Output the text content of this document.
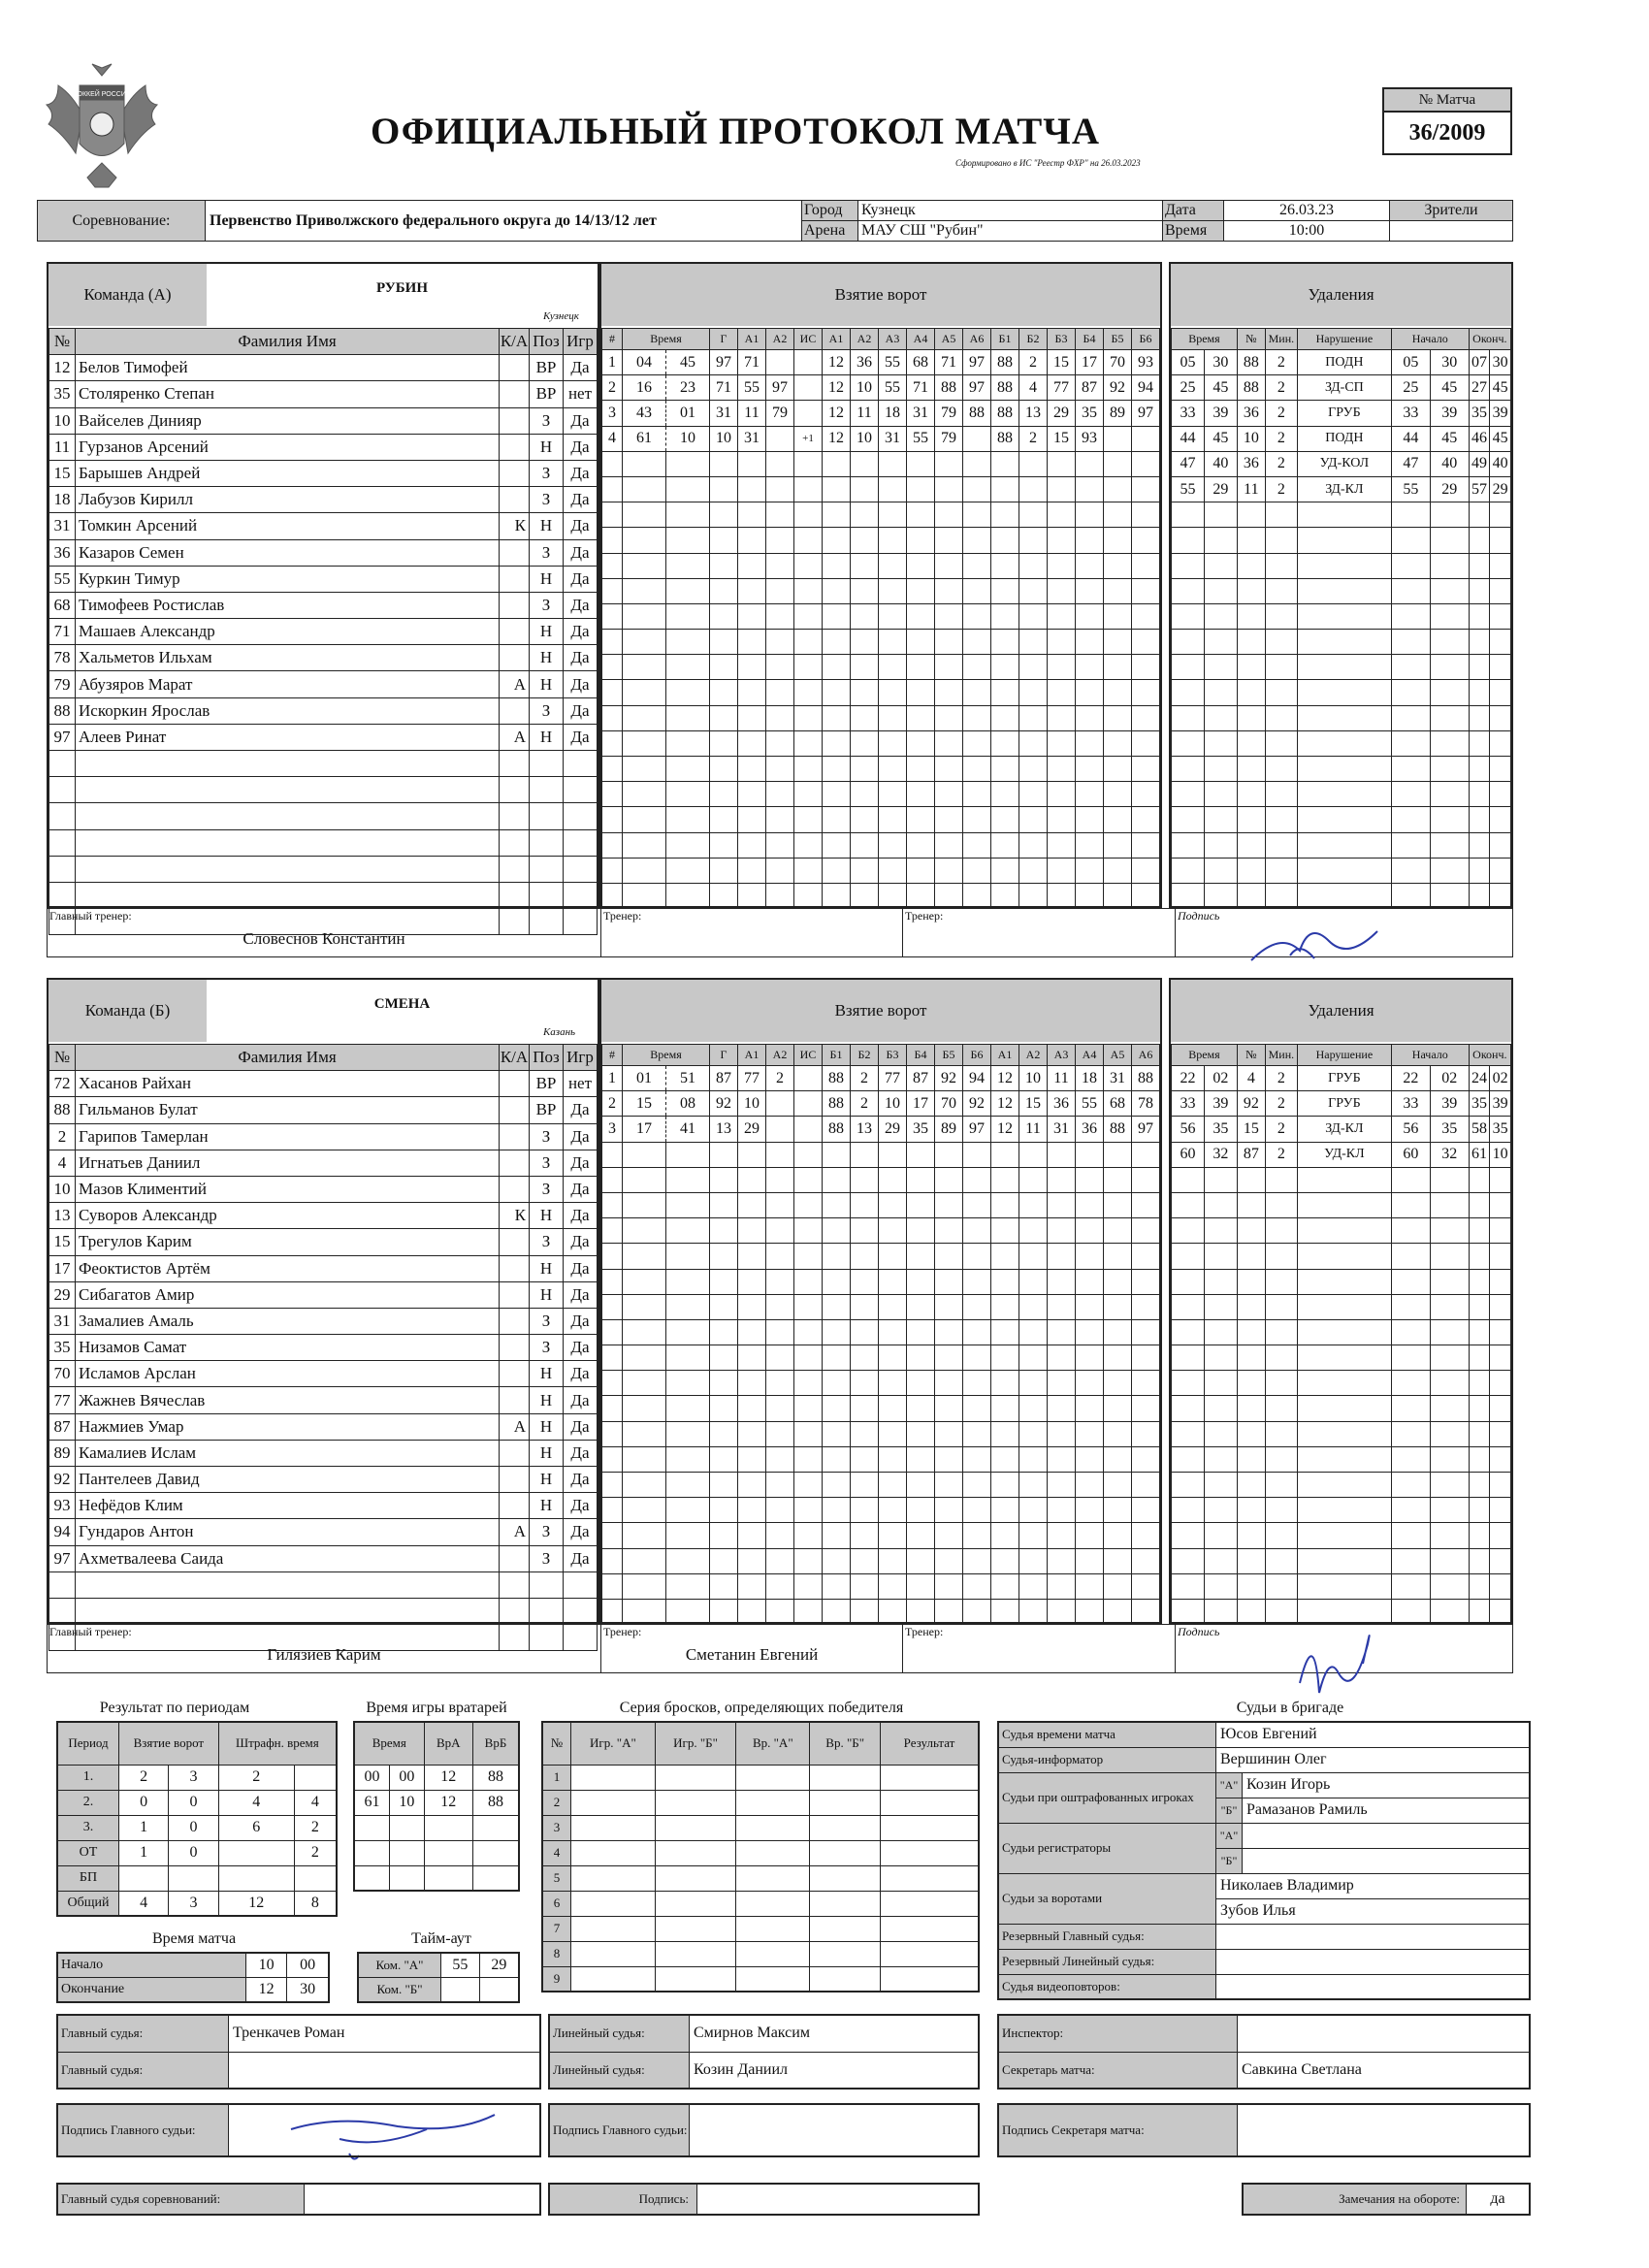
ХОККЕЙ РОССИИ
ОФИЦИАЛЬНЫЙ ПРОТОКОЛ МАТЧА
Сформировано в ИС "Реестр ФХР" на 26.03.2023
№ Матча
36/2009
Соревнование:	Первенство Приволжского федерального округа до 14/13/12 лет	Город	Кузнецк	Дата	26.03.23	Зрители
		Арена	МАУ СШ "Рубин"	Время	10:00	
Команда (А)	РУБИН
Кузнецк
№	Фамилия Имя	К/А	Поз	Игр
12	Белов Тимофей		ВР	Да
35	Столяренко Степан		ВР	нет
10	Вайселев Динияр		З	Да
11	Гурзанов Арсений		Н	Да
15	Барышев Андрей		З	Да
18	Лабузов Кирилл		З	Да
31	Томкин Арсений	К	Н	Да
36	Казаров Семен		З	Да
55	Куркин Тимур		Н	Да
68	Тимофеев Ростислав		З	Да
71	Машаев Александр		Н	Да
78	Хальметов Ильхам		Н	Да
79	Абузяров Марат	А	Н	Да
88	Искоркин Ярослав		З	Да
97	Алеев Ринат	А	Н	Да

Взятие ворот
#	Время		Г	А1	А2	ИС	А1	А2	А3	А4	А5	А6	Б1	Б2	Б3	Б4	Б5	Б6
1	04	45	97	71			12	36	55	68	71	97	88	2	15	17	70	93
2	16	23	71	55	97		12	10	55	71	88	97	88	4	77	87	92	94
3	43	01	31	11	79		12	11	18	31	79	88	88	13	29	35	89	97
4	61	10	10	31		+1	12	10	31	55	79		88	2	15	93		

Удаления
Время		№	Мин.	Нарушение	Начало		Оконч.	
05	30	88	2	ПОДН	05	30	07	30
25	45	88	2	ЗД-СП	25	45	27	45
33	39	36	2	ГРУБ	33	39	35	39
44	45	10	2	ПОДН	44	45	46	45
47	40	36	2	УД-КОЛ	47	40	49	40
55	29	11	2	ЗД-КЛ	55	29	57	29

Главный тренер:
Словеснов Константин

Тренер:	Тренер:	Подпись
Команда (Б)	СМЕНА
Казань
№	Фамилия Имя	К/А	Поз	Игр
72	Хасанов Райхан		ВР	нет
88	Гильманов Булат		ВР	Да
2	Гарипов Тамерлан		З	Да
4	Игнатьев Даниил		З	Да
10	Мазов Климентий		З	Да
13	Суворов Александр	К	Н	Да
15	Трегулов Карим		З	Да
17	Феоктистов Артём		Н	Да
29	Сибагатов Амир		Н	Да
31	Замалиев Амаль		З	Да
35	Низамов Самат		З	Да
70	Исламов Арслан		Н	Да
77	Жажнев Вячеслав		Н	Да
87	Нажмиев Умар	А	Н	Да
89	Камалиев Ислам		Н	Да
92	Пантелеев Давид		Н	Да
93	Нефёдов Клим		Н	Да
94	Гундаров Антон	А	З	Да
97	Ахметвалеева Саида		З	Да

Взятие ворот
#	Время		Г	А1	А2	ИС	Б1	Б2	Б3	Б4	Б5	Б6	А1	А2	А3	А4	А5	А6
1	01	51	87	77	2		88	2	77	87	92	94	12	10	11	18	31	88
2	15	08	92	10			88	2	10	17	70	92	12	15	36	55	68	78
3	17	41	13	29			88	13	29	35	89	97	12	11	31	36	88	97

Удаления
Время		№	Мин.	Нарушение	Начало		Оконч.	
22	02	4	2	ГРУБ	22	02	24	02
33	39	92	2	ГРУБ	33	39	35	39
56	35	15	2	ЗД-КЛ	56	35	58	35
60	32	87	2	УД-КЛ	60	32	61	10

Главный тренер:
Гилязиев Карим

Тренер:
Сметанин Евгений

Тренер:	Подпись
Результат по периодам
Период	Взятие ворот		Штрафн. время	
1.	2	3	2	
2.	0	0	4	4
3.	1	0	6	2
ОТ	1	0		2
БП				
Общий	4	3	12	8
Время игры вратарей
Время		ВрА	ВрБ
00	00	12	88
61	10	12	88

Время матча
Начало	10	00
Окончание	12	30
Тайм-аут
Ком. "А"	55	29
Ком. "Б"		
Серия бросков, определяющих победителя
№	Игр. "А"	Игр. "Б"	Вр. "А"	Вр. "Б"	Результат
1					
2					
3					
4					
5					
6					
7					
8					
9					
Судьи в бригаде
Судья времени матча	Юсов Евгений	
Судья-информатор	Вершинин Олег	
Судьи при оштрафованных игроках	"А"	Козин Игорь
	"Б"	Рамазанов Рамиль
Судьи регистраторы	"А"	
	"Б"	
Судьи за воротами	Николаев Владимир	
	Зубов Илья	
Резервный Главный судья:		
Резервный Линейный судья:		
Судья видеоповторов:		
Главный судья:	Тренкачев Роман
Главный судья:	
Линейный судья:	Смирнов Максим
Линейный судья:	Козин Даниил
Инспектор:	
Секретарь матча:	Савкина Светлана
Подпись Главного судьи:		Подпись Главного судьи:		Подпись Секретаря матча:	
Главный судья соревнований:		Подпись:		Замечания на обороте:	да
